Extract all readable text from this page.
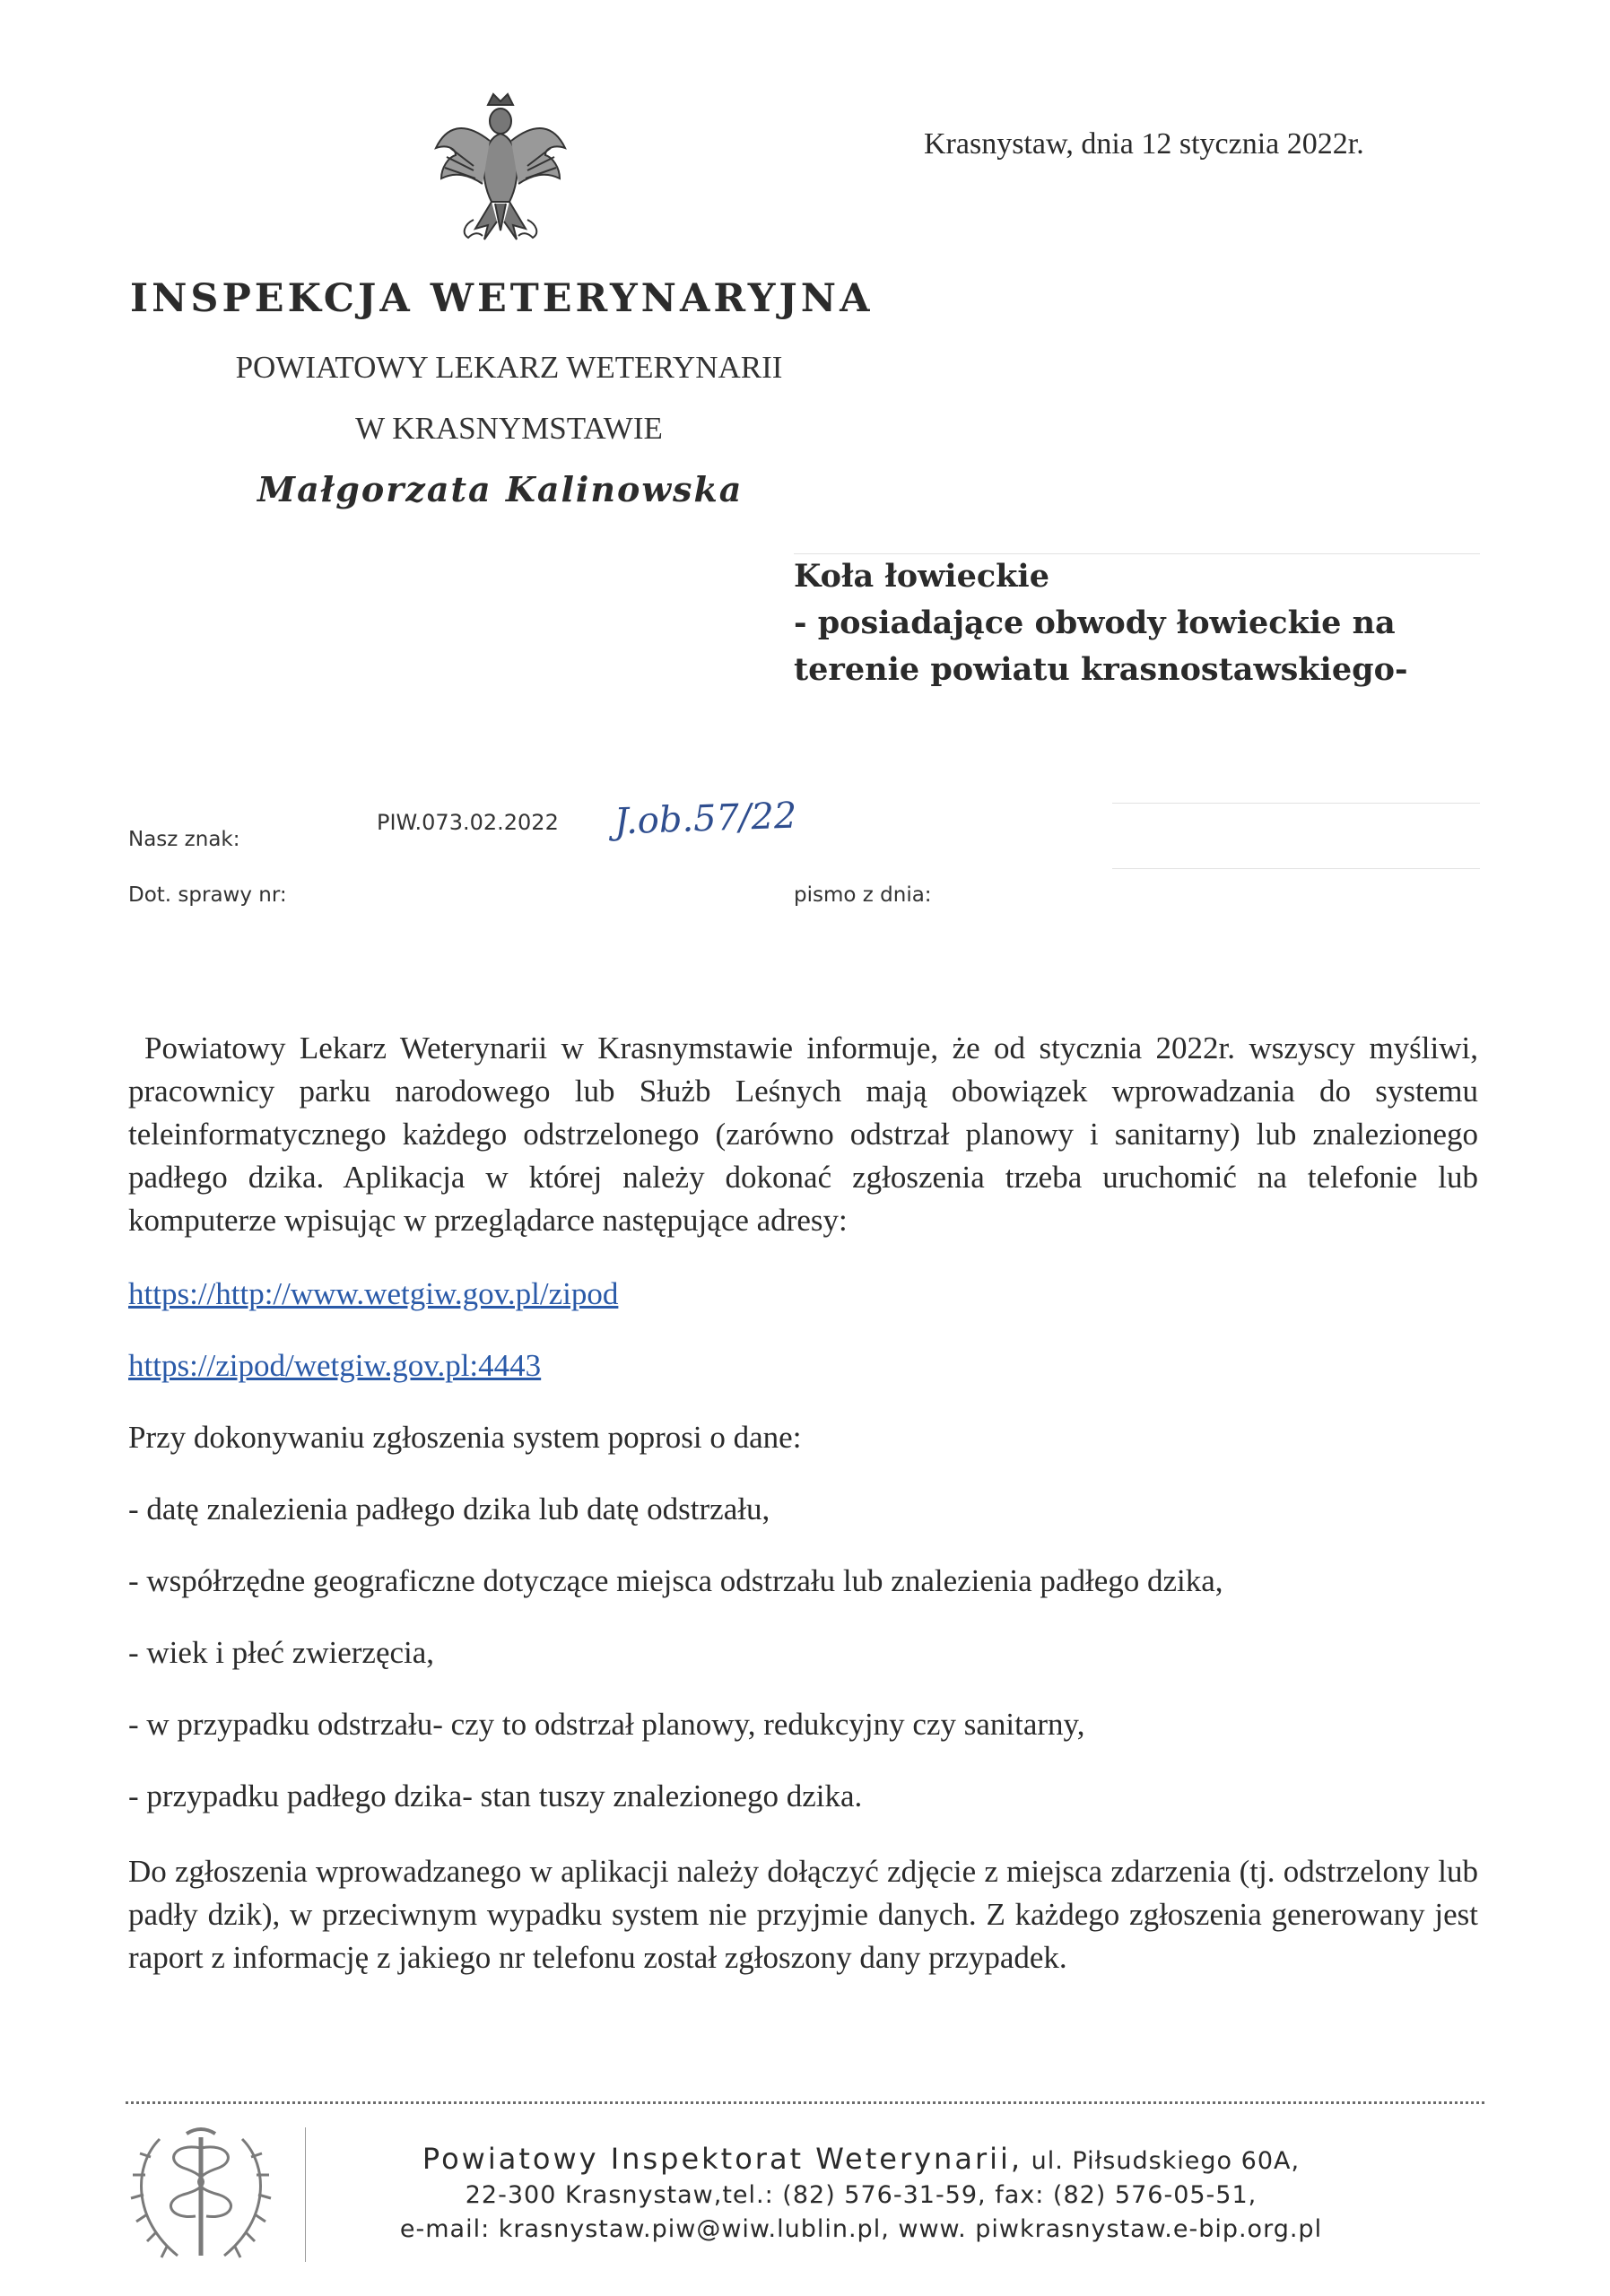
Krasnystaw, dnia 12 stycznia 2022r.
INSPEKCJA WETERYNARYJNA
POWIATOWY LEKARZ WETERYNARII
W KRASNYMSTAWIE
Małgorzata Kalinowska
Koła łowieckie
- posiadające obwody łowieckie na
terenie powiatu krasnostawskiego-
Nasz znak:
PIW.073.02.2022 J.ob.57/22
Dot. sprawy nr:	pismo z dnia:
Powiatowy Lekarz Weterynarii w Krasnymstawie informuje, że od stycznia 2022r. wszyscy myśliwi, pracownicy parku narodowego lub Służb Leśnych mają obowiązek wprowadzania do systemu teleinformatycznego każdego odstrzelonego (zarówno odstrzał planowy i sanitarny) lub znalezionego padłego dzika. Aplikacja w której należy dokonać zgłoszenia trzeba uruchomić na telefonie lub komputerze wpisując w przeglądarce następujące adresy:
https://http://www.wetgiw.gov.pl/zipod
https://zipod/wetgiw.gov.pl:4443
Przy dokonywaniu zgłoszenia system poprosi o dane:
- datę znalezienia padłego dzika lub datę odstrzału,
- współrzędne geograficzne dotyczące miejsca odstrzału lub znalezienia padłego dzika,
- wiek i płeć zwierzęcia,
- w przypadku odstrzału- czy to odstrzał planowy, redukcyjny czy sanitarny,
- przypadku padłego dzika- stan tuszy znalezionego dzika.
Do zgłoszenia wprowadzanego w aplikacji należy dołączyć zdjęcie z miejsca zdarzenia (tj. odstrzelony lub padły dzik), w przeciwnym wypadku system nie przyjmie danych. Z każdego zgłoszenia generowany jest raport z informację z jakiego nr telefonu został zgłoszony dany przypadek.
Powiatowy Inspektorat Weterynarii, ul. Piłsudskiego 60A,
22-300 Krasnystaw,tel.: (82) 576-31-59, fax: (82) 576-05-51,
e-mail: krasnystaw.piw@wiw.lublin.pl, www. piwkrasnystaw.e-bip.org.pl
